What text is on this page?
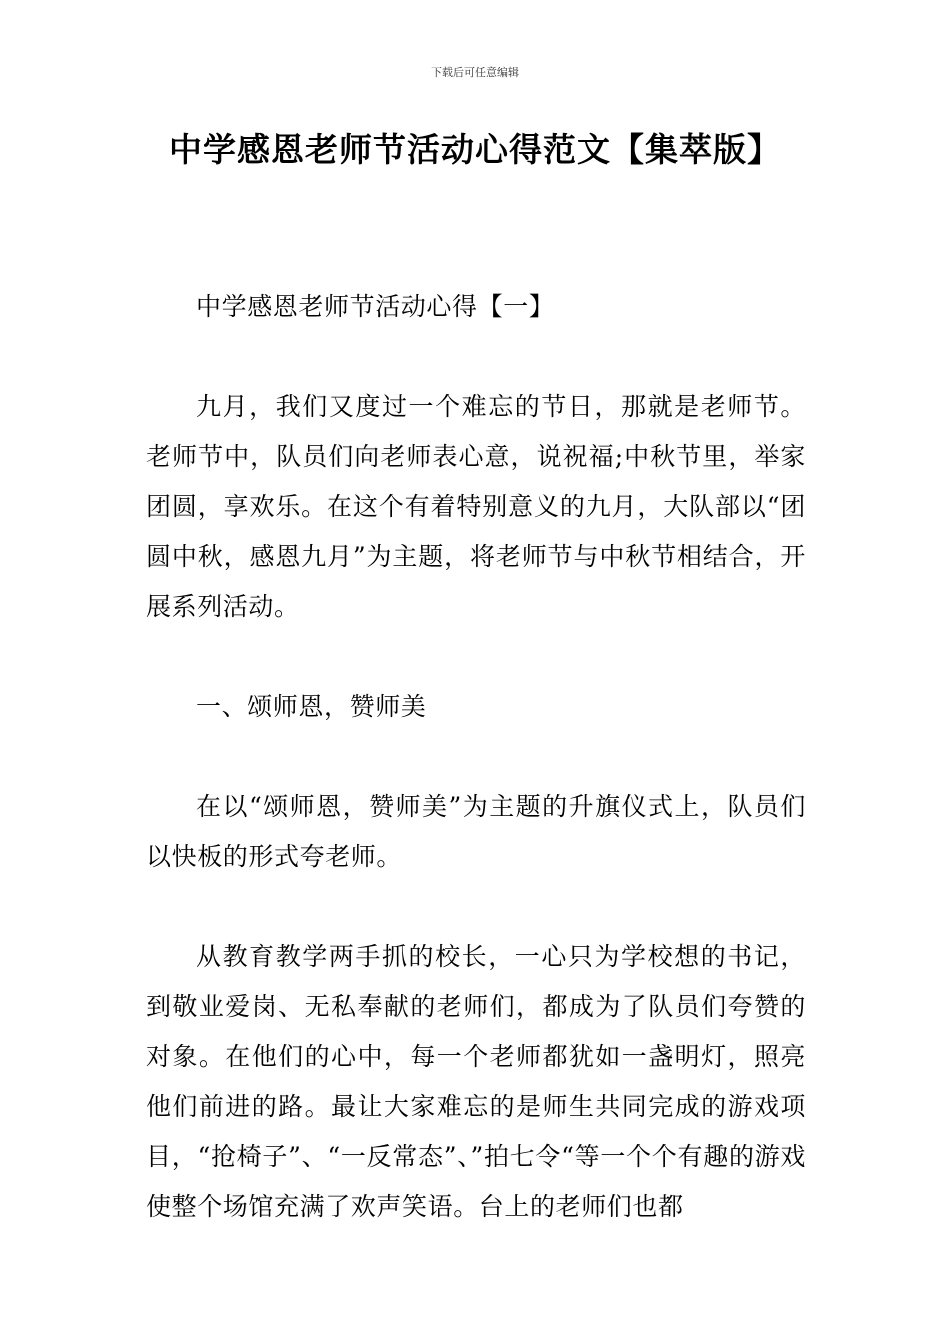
下载后可任意编辑
中学感恩老师节活动心得范文【集萃版】

中学感恩老师节活动心得【一】

九月，我们又度过一个难忘的节日，那就是老师节。老师节中，队员们向老师表心意，说祝福;中秋节里，举家团圆，享欢乐。在这个有着特别意义的九月，大队部以“团圆中秋，感恩九月”为主题，将老师节与中秋节相结合，开展系列活动。

一、颂师恩，赞师美

在以“颂师恩，赞师美”为主题的升旗仪式上，队员们以快板的形式夸老师。

从教育教学两手抓的校长，一心只为学校想的书记，到敬业爱岗、无私奉献的老师们，都成为了队员们夸赞的对象。在他们的心中，每一个老师都犹如一盏明灯，照亮他们前进的路。最让大家难忘的是师生共同完成的游戏项目，“抢椅子”、“一反常态”、”拍七令“等一个个有趣的游戏使整个场馆充满了欢声笑语。台上的老师们也都
